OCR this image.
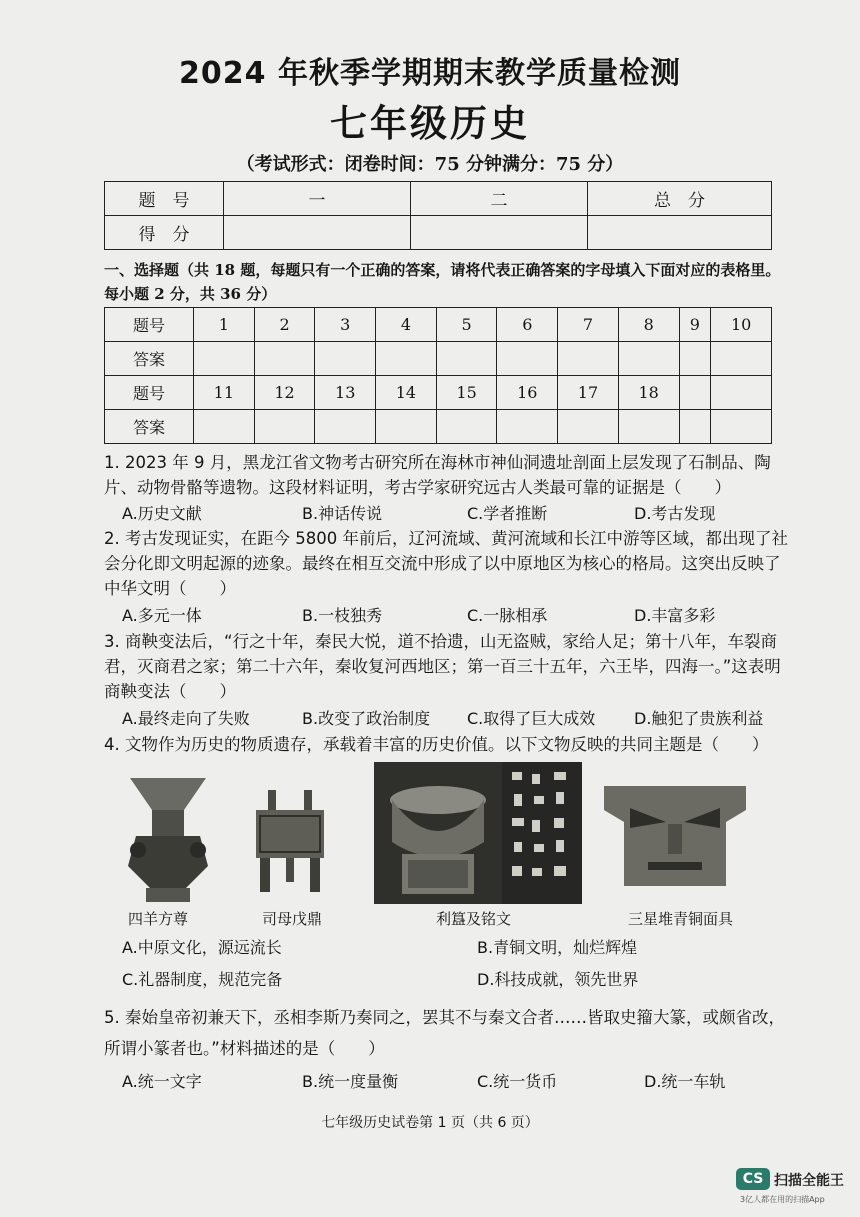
2024 年秋季学期期末教学质量检测
七年级历史
（考试形式：闭卷时间：75 分钟满分：75 分）
题　号	一	二	总　分
得　分			
一、选择题（共 18 题，每题只有一个正确的答案，请将代表正确答案的字母填入下面对应的表格里。每小题 2 分，共 36 分）
题号	1	2	3	4	5	6	7	8	9	10
答案										
题号	11	12	13	14	15	16	17	18		
答案										
1. 2023 年 9 月，黑龙江省文物考古研究所在海林市神仙洞遗址剖面上层发现了石制品、陶片、动物骨骼等遗物。这段材料证明，考古学家研究远古人类最可靠的证据是（　　）
A.历史文献	B.神话传说	C.学者推断	D.考古发现
2. 考古发现证实，在距今 5800 年前后，辽河流域、黄河流域和长江中游等区域，都出现了社会分化即文明起源的迹象。最终在相互交流中形成了以中原地区为核心的格局。这突出反映了中华文明（　　）
A.多元一体	B.一枝独秀	C.一脉相承	D.丰富多彩
3. 商鞅变法后，“行之十年，秦民大悦，道不拾遗，山无盗贼，家给人足；第十八年，车裂商君，灭商君之家；第二十六年，秦收复河西地区；第一百三十五年，六王毕，四海一。”这表明商鞅变法（　　）
A.最终走向了失败	B.改变了政治制度 C.取得了巨大成效 D.触犯了贵族利益
4. 文物作为历史的物质遗存，承载着丰富的历史价值。以下文物反映的共同主题是（　　）
四羊方尊	司母戊鼎	利簋及铭文	三星堆青铜面具
A.中原文化，源远流长	B.青铜文明，灿烂辉煌
C.礼器制度，规范完备	D.科技成就，领先世界
5. 秦始皇帝初兼天下，丞相李斯乃奏同之，罢其不与秦文合者……皆取史籀大篆，或颇省改，所谓小篆者也。”材料描述的是（　　）
A.统一文字	B.统一度量衡	C.统一货币	D.统一车轨
七年级历史试卷第 1 页（共 6 页）
CS 扫描全能王
3亿人都在用的扫描App
